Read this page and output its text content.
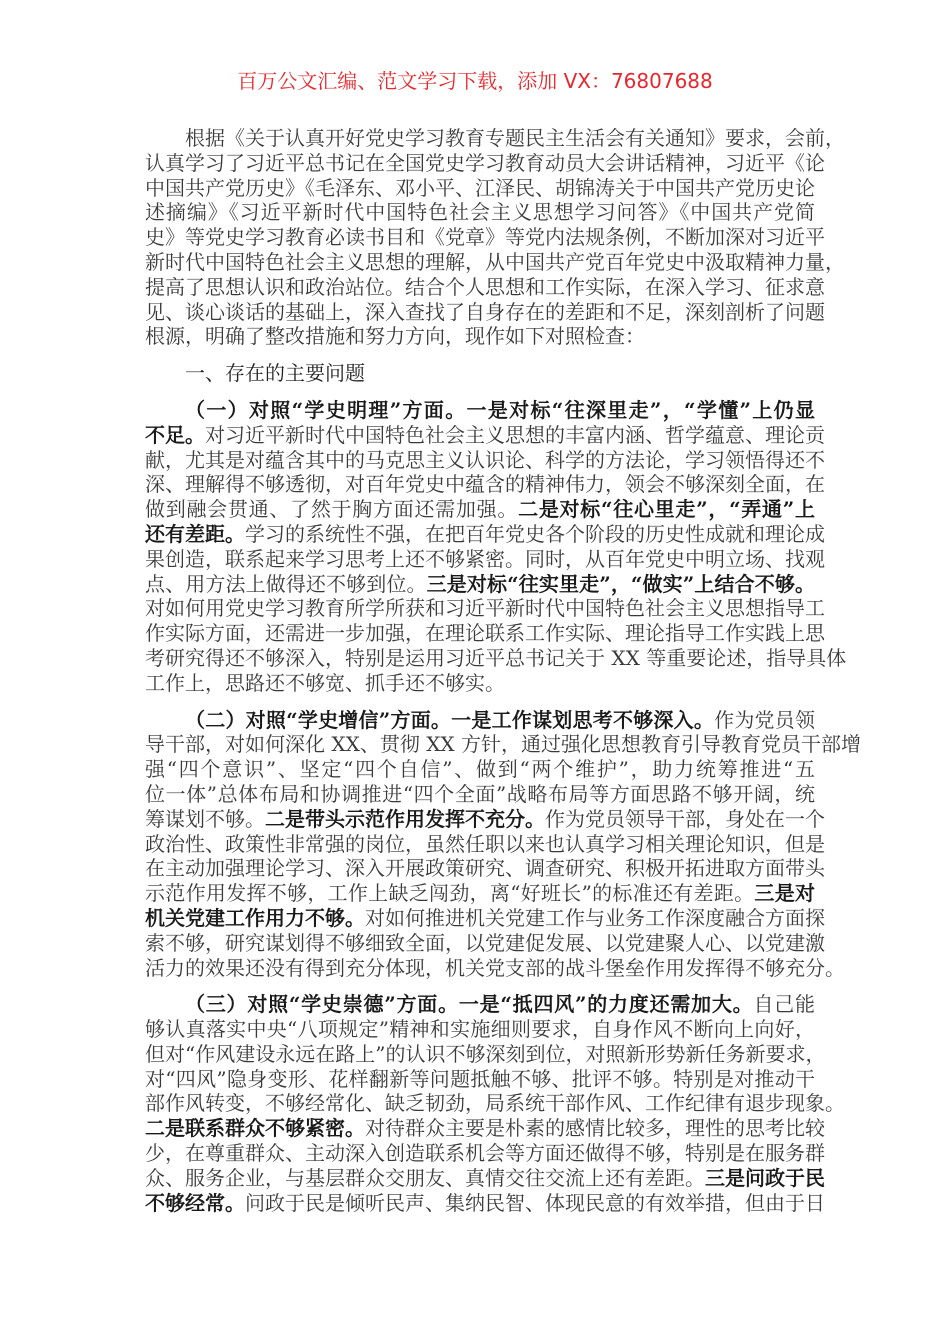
百万公文汇编、范文学习下载，添加 VX：76807688
根据《关于认真开好党史学习教育专题民主生活会有关通知》要求，会前，
认真学习了习近平总书记在全国党史学习教育动员大会讲话精神，习近平《论
中国共产党历史》《毛泽东、邓小平、江泽民、胡锦涛关于中国共产党历史论
述摘编》《习近平新时代中国特色社会主义思想学习问答》《中国共产党简
史》等党史学习教育必读书目和《党章》等党内法规条例，不断加深对习近平
新时代中国特色社会主义思想的理解，从中国共产党百年党史中汲取精神力量，
提高了思想认识和政治站位。结合个人思想和工作实际，在深入学习、征求意
见、谈心谈话的基础上，深入查找了自身存在的差距和不足，深刻剖析了问题
根源，明确了整改措施和努力方向，现作如下对照检查：
一、存在的主要问题
（一）对照“学史明理”方面。一是对标“往深里走”，“学懂”上仍显
不足。对习近平新时代中国特色社会主义思想的丰富内涵、哲学蕴意、理论贡
献，尤其是对蕴含其中的马克思主义认识论、科学的方法论，学习领悟得还不
深、理解得不够透彻，对百年党史中蕴含的精神伟力，领会不够深刻全面，在
做到融会贯通、了然于胸方面还需加强。二是对标“往心里走”，“弄通”上
还有差距。学习的系统性不强，在把百年党史各个阶段的历史性成就和理论成
果创造，联系起来学习思考上还不够紧密。同时，从百年党史中明立场、找观
点、用方法上做得还不够到位。三是对标“往实里走”，“做实”上结合不够。
对如何用党史学习教育所学所获和习近平新时代中国特色社会主义思想指导工
作实际方面，还需进一步加强，在理论联系工作实际、理论指导工作实践上思
考研究得还不够深入，特别是运用习近平总书记关于 XX 等重要论述，指导具体
工作上，思路还不够宽、抓手还不够实。
（二）对照“学史增信”方面。一是工作谋划思考不够深入。作为党员领
导干部，对如何深化 XX、贯彻 XX 方针，通过强化思想教育引导教育党员干部增
强“四个意识”、坚定“四个自信”、做到“两个维护”，助力统筹推进“五
位一体”总体布局和协调推进“四个全面”战略布局等方面思路不够开阔，统
筹谋划不够。二是带头示范作用发挥不充分。作为党员领导干部，身处在一个
政治性、政策性非常强的岗位，虽然任职以来也认真学习相关理论知识，但是
在主动加强理论学习、深入开展政策研究、调查研究、积极开拓进取方面带头
示范作用发挥不够，工作上缺乏闯劲，离“好班长”的标准还有差距。三是对
机关党建工作用力不够。对如何推进机关党建工作与业务工作深度融合方面探
索不够，研究谋划得不够细致全面，以党建促发展、以党建聚人心、以党建激
活力的效果还没有得到充分体现，机关党支部的战斗堡垒作用发挥得不够充分。
（三）对照“学史崇德”方面。一是“抵四风”的力度还需加大。自己能
够认真落实中央“八项规定”精神和实施细则要求，自身作风不断向上向好，
但对“作风建设永远在路上”的认识不够深刻到位，对照新形势新任务新要求，
对“四风”隐身变形、花样翻新等问题抵触不够、批评不够。特别是对推动干
部作风转变，不够经常化、缺乏韧劲，局系统干部作风、工作纪律有退步现象。
二是联系群众不够紧密。对待群众主要是朴素的感情比较多，理性的思考比较
少，在尊重群众、主动深入创造联系机会等方面还做得不够，特别是在服务群
众、服务企业，与基层群众交朋友、真情交往交流上还有差距。三是问政于民
不够经常。问政于民是倾听民声、集纳民智、体现民意的有效举措，但由于日
